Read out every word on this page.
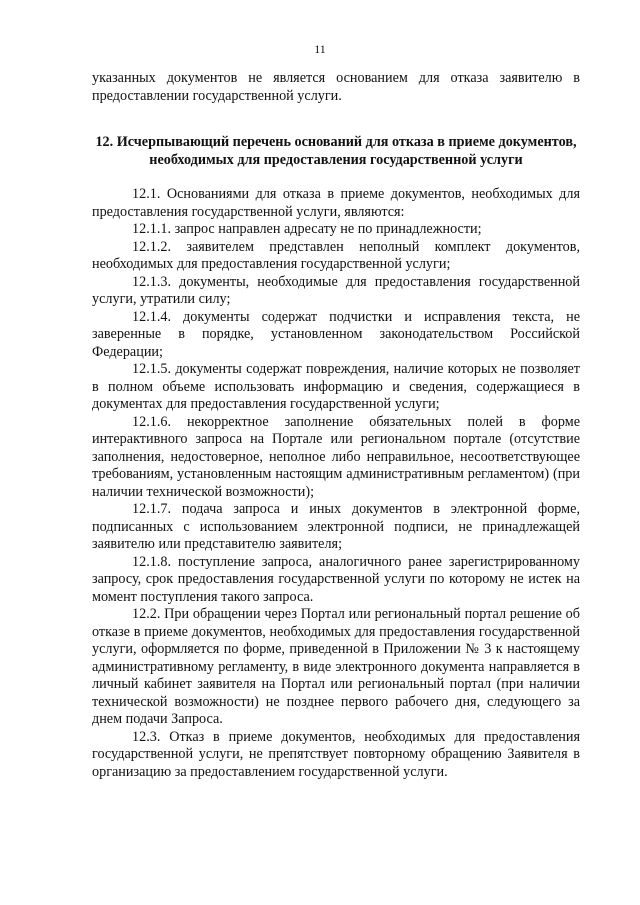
11

указанных документов не является основанием для отказа заявителю в предоставлении государственной услуги.

12. Исчерпывающий перечень оснований для отказа в приеме документов, необходимых для предоставления государственной услуги

12.1. Основаниями для отказа в приеме документов, необходимых для предоставления государственной услуги, являются:

12.1.1. запрос направлен адресату не по принадлежности;

12.1.2. заявителем представлен неполный комплект документов, необходимых для предоставления государственной услуги;

12.1.3. документы, необходимые для предоставления государственной услуги, утратили силу;

12.1.4. документы содержат подчистки и исправления текста, не заверенные в порядке, установленном законодательством Российской Федерации;

12.1.5. документы содержат повреждения, наличие которых не позволяет в полном объеме использовать информацию и сведения, содержащиеся в документах для предоставления государственной услуги;

12.1.6. некорректное заполнение обязательных полей в форме интерактивного запроса на Портале или региональном портале (отсутствие заполнения, недостоверное, неполное либо неправильное, несоответствующее требованиям, установленным настоящим административным регламентом) (при наличии технической возможности);

12.1.7. подача запроса и иных документов в электронной форме, подписанных с использованием электронной подписи, не принадлежащей заявителю или представителю заявителя;

12.1.8. поступление запроса, аналогичного ранее зарегистрированному запросу, срок предоставления государственной услуги по которому не истек на момент поступления такого запроса.

12.2. При обращении через Портал или региональный портал решение об отказе в приеме документов, необходимых для предоставления государственной услуги, оформляется по форме, приведенной в Приложении № 3 к настоящему административному регламенту, в виде электронного документа направляется в личный кабинет заявителя на Портал или региональный портал (при наличии технической возможности) не позднее первого рабочего дня, следующего за днем подачи Запроса.

12.3. Отказ в приеме документов, необходимых для предоставления государственной услуги, не препятствует повторному обращению Заявителя в организацию за предоставлением государственной услуги.
